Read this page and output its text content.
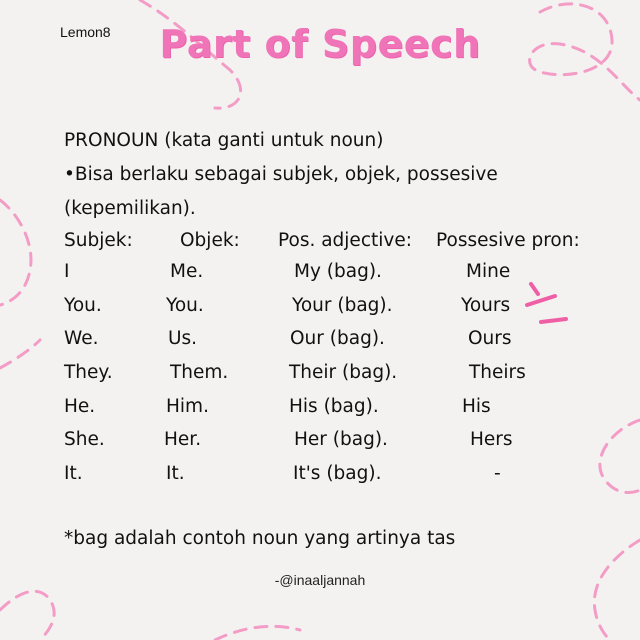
Lemon8	Part of Speech
PRONOUN (kata ganti untuk noun)
•Bisa berlaku sebagai subjek, objek, possesive
(kepemilikan).
Subjek:	Objek: Pos. adjective: Possesive pron:
I	Me.	My (bag).	Mine
You.	You.	Your (bag).	Yours
We.	Us.	Our (bag).	Ours
They.	Them.	Their (bag).	Theirs
He.	Him.	His (bag).	His
She.	Her.	Her (bag).	Hers
It.	It.	It's (bag).	-
*bag adalah contoh noun yang artinya tas
-@inaaljannah
